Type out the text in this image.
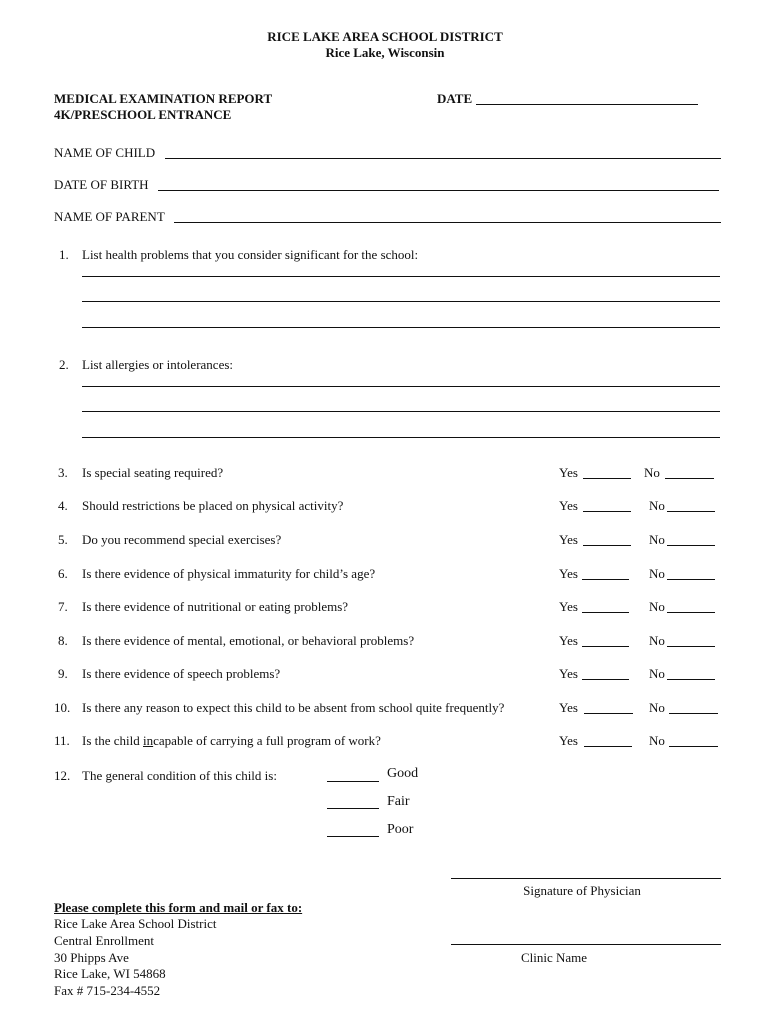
RICE LAKE AREA SCHOOL DISTRICT
Rice Lake, Wisconsin
MEDICAL EXAMINATION REPORT
4K/PRESCHOOL ENTRANCE
DATE
NAME OF CHILD
DATE OF BIRTH
NAME OF PARENT
1. List health problems that you consider significant for the school:
2. List allergies or intolerances:
3. Is special seating required?	Yes	No
4. Should restrictions be placed on physical activity?	Yes	No
5. Do you recommend special exercises?	Yes	No
6. Is there evidence of physical immaturity for child’s age?	Yes	No
7. Is there evidence of nutritional or eating problems?	Yes	No
8. Is there evidence of mental, emotional, or behavioral problems?	Yes	No
9. Is there evidence of speech problems?	Yes	No
10. Is there any reason to expect this child to be absent from school quite frequently?	Yes	No
11. Is the child incapable of carrying a full program of work?	Yes	No
12. The general condition of this child is:	Good
Fair
Poor
Signature of Physician
Clinic Name
Please complete this form and mail or fax to:
Rice Lake Area School District
Central Enrollment
30 Phipps Ave
Rice Lake, WI 54868
Fax # 715-234-4552
